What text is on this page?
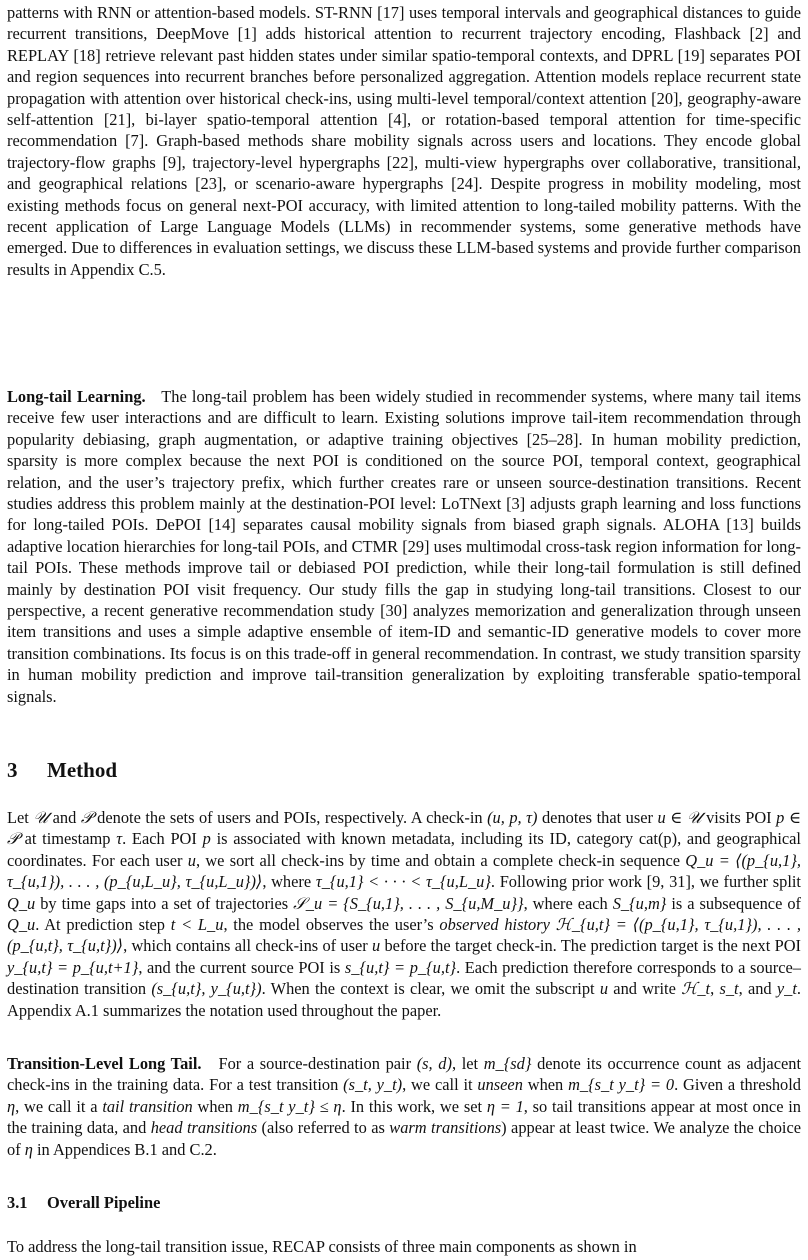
patterns with RNN or attention-based models. ST-RNN [17] uses temporal intervals and geographical distances to guide recurrent transitions, DeepMove [1] adds historical attention to recurrent trajectory encoding, Flashback [2] and REPLAY [18] retrieve relevant past hidden states under similar spatio-temporal contexts, and DPRL [19] separates POI and region sequences into recurrent branches before personalized aggregation. Attention models replace recurrent state propagation with attention over historical check-ins, using multi-level temporal/context attention [20], geography-aware self-attention [21], bi-layer spatio-temporal attention [4], or rotation-based temporal attention for time-specific recommendation [7]. Graph-based methods share mobility signals across users and locations. They encode global trajectory-flow graphs [9], trajectory-level hypergraphs [22], multi-view hypergraphs over collaborative, transitional, and geographical relations [23], or scenario-aware hypergraphs [24]. Despite progress in mobility modeling, most existing methods focus on general next-POI accuracy, with limited attention to long-tailed mobility patterns. With the recent application of Large Language Models (LLMs) in recommender systems, some generative methods have emerged. Due to differences in evaluation settings, we discuss these LLM-based systems and provide further comparison results in Appendix C.5.

Long-tail Learning. The long-tail problem has been widely studied in recommender systems, where many tail items receive few user interactions and are difficult to learn. Existing solutions improve tail-item recommendation through popularity debiasing, graph augmentation, or adaptive training objectives [25–28]. In human mobility prediction, sparsity is more complex because the next POI is conditioned on the source POI, temporal context, geographical relation, and the user’s trajectory prefix, which further creates rare or unseen source-destination transitions. Recent studies address this problem mainly at the destination-POI level: LoTNext [3] adjusts graph learning and loss functions for long-tailed POIs. DePOI [14] separates causal mobility signals from biased graph signals. ALOHA [13] builds adaptive location hierarchies for long-tail POIs, and CTMR [29] uses multimodal cross-task region information for long-tail POIs. These methods improve tail or debiased POI prediction, while their long-tail formulation is still defined mainly by destination POI visit frequency. Our study fills the gap in studying long-tail transitions. Closest to our perspective, a recent generative recommendation study [30] analyzes memorization and generalization through unseen item transitions and uses a simple adaptive ensemble of item-ID and semantic-ID generative models to cover more transition combinations. Its focus is on this trade-off in general recommendation. In contrast, we study transition sparsity in human mobility prediction and improve tail-transition generalization by exploiting transferable spatio-temporal signals.

3 Method

Let 𝒰 and 𝒫 denote the sets of users and POIs, respectively. A check-in (u, p, τ) denotes that user u ∈ 𝒰 visits POI p ∈ 𝒫 at timestamp τ. Each POI p is associated with known metadata, including its ID, category cat(p), and geographical coordinates. For each user u, we sort all check-ins by time and obtain a complete check-in sequence Q_u = ⟨(p_{u,1}, τ_{u,1}), . . . , (p_{u,L_u}, τ_{u,L_u})⟩, where τ_{u,1} < · · · < τ_{u,L_u}. Following prior work [9, 31], we further split Q_u by time gaps into a set of trajectories 𝒮_u = {S_{u,1}, . . . , S_{u,M_u}}, where each S_{u,m} is a subsequence of Q_u. At prediction step t < L_u, the model observes the user’s observed history ℋ_{u,t} = ⟨(p_{u,1}, τ_{u,1}), . . . , (p_{u,t}, τ_{u,t})⟩, which contains all check-ins of user u before the target check-in. The prediction target is the next POI y_{u,t} = p_{u,t+1}, and the current source POI is s_{u,t} = p_{u,t}. Each prediction therefore corresponds to a source–destination transition (s_{u,t}, y_{u,t}). When the context is clear, we omit the subscript u and write ℋ_t, s_t, and y_t. Appendix A.1 summarizes the notation used throughout the paper.

Transition-Level Long Tail. For a source-destination pair (s, d), let m_{sd} denote its occurrence count as adjacent check-ins in the training data. For a test transition (s_t, y_t), we call it unseen when m_{s_t y_t} = 0. Given a threshold η, we call it a tail transition when m_{s_t y_t} ≤ η. In this work, we set η = 1, so tail transitions appear at most once in the training data, and head transitions (also referred to as warm transitions) appear at least twice. We analyze the choice of η in Appendices B.1 and C.2.

3.1 Overall Pipeline

To address the long-tail transition issue, RECAP consists of three main components as shown in
